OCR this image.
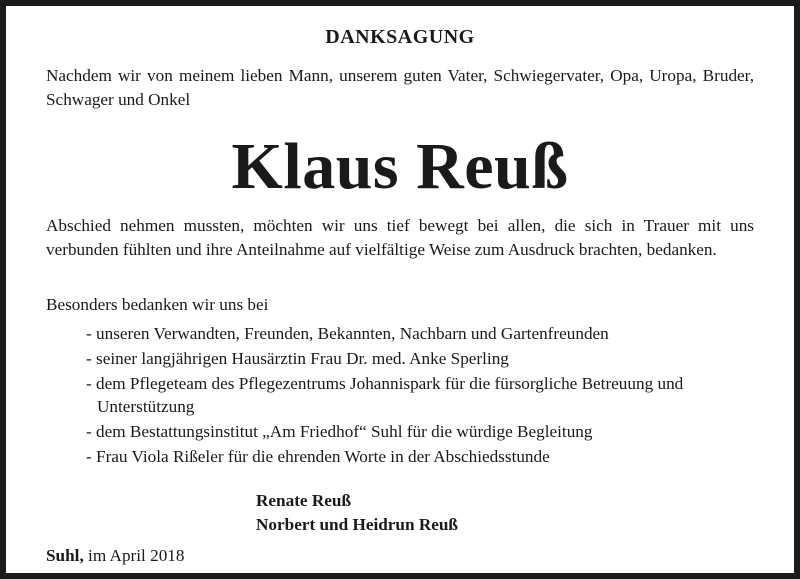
DANKSAGUNG
Nachdem wir von meinem lieben Mann, unserem guten Vater, Schwiegervater, Opa, Uropa, Bruder, Schwager und Onkel
Klaus Reuß
Abschied nehmen mussten, möchten wir uns tief bewegt bei allen, die sich in Trauer mit uns verbunden fühlten und ihre Anteilnahme auf vielfältige Weise zum Ausdruck brachten, bedanken.
Besonders bedanken wir uns bei
- unseren Verwandten, Freunden, Bekannten, Nachbarn und Gartenfreunden
- seiner langjährigen Hausärztin Frau Dr. med. Anke Sperling
- dem Pflegeteam des Pflegezentrums Johannispark für die fürsorgliche Betreuung und Unterstützung
- dem Bestattungsinstitut „Am Friedhof“ Suhl für die würdige Begleitung
- Frau Viola Rißeler für die ehrenden Worte in der Abschiedsstunde
Renate Reuß
Norbert und Heidrun Reuß
Suhl, im April 2018
